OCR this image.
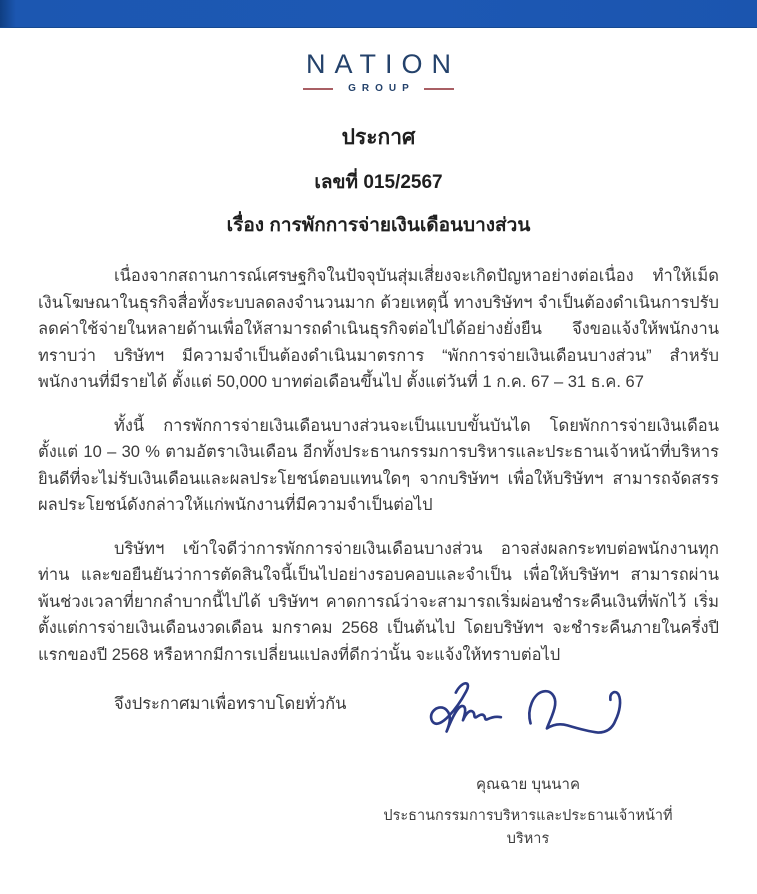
NATION
GROUP
ประกาศ
เลขที่ 015/2567
เรื่อง การพักการจ่ายเงินเดือนบางส่วน

เนื่องจากสถานการณ์เศรษฐกิจในปัจจุบันสุ่มเสี่ยงจะเกิดปัญหาอย่างต่อเนื่อง ทำให้เม็ดเงินโฆษณาในธุรกิจสื่อทั้งระบบลดลงจำนวนมาก ด้วยเหตุนี้ ทางบริษัทฯ จำเป็นต้องดำเนินการปรับลดค่าใช้จ่ายในหลายด้านเพื่อให้สามารถดำเนินธุรกิจต่อไปได้อย่างยั่งยืน จึงขอแจ้งให้พนักงานทราบว่า บริษัทฯ มีความจำเป็นต้องดำเนินมาตรการ “พักการจ่ายเงินเดือนบางส่วน” สำหรับพนักงานที่มีรายได้ ตั้งแต่ 50,000 บาทต่อเดือนขึ้นไป ตั้งแต่วันที่ 1 ก.ค. 67 – 31 ธ.ค. 67

ทั้งนี้ การพักการจ่ายเงินเดือนบางส่วนจะเป็นแบบขั้นบันได โดยพักการจ่ายเงินเดือนตั้งแต่ 10 – 30 % ตามอัตราเงินเดือน อีกทั้งประธานกรรมการบริหารและประธานเจ้าหน้าที่บริหารยินดีที่จะไม่รับเงินเดือนและผลประโยชน์ตอบแทนใดๆ จากบริษัทฯ เพื่อให้บริษัทฯ สามารถจัดสรรผลประโยชน์ดังกล่าวให้แก่พนักงานที่มีความจำเป็นต่อไป

บริษัทฯ เข้าใจดีว่าการพักการจ่ายเงินเดือนบางส่วน อาจส่งผลกระทบต่อพนักงานทุกท่าน และขอยืนยันว่าการตัดสินใจนี้เป็นไปอย่างรอบคอบและจำเป็น เพื่อให้บริษัทฯ สามารถผ่านพ้นช่วงเวลาที่ยากลำบากนี้ไปได้ บริษัทฯ คาดการณ์ว่าจะสามารถเริ่มผ่อนชำระคืนเงินที่พักไว้ เริ่มตั้งแต่การจ่ายเงินเดือนงวดเดือน มกราคม 2568 เป็นต้นไป โดยบริษัทฯ จะชำระคืนภายในครึ่งปีแรกของปี 2568 หรือหากมีการเปลี่ยนแปลงที่ดีกว่านั้น จะแจ้งให้ทราบต่อไป

จึงประกาศมาเพื่อทราบโดยทั่วกัน
คุณฉาย บุนนาค
ประธานกรรมการบริหารและประธานเจ้าหน้าที่บริหาร
